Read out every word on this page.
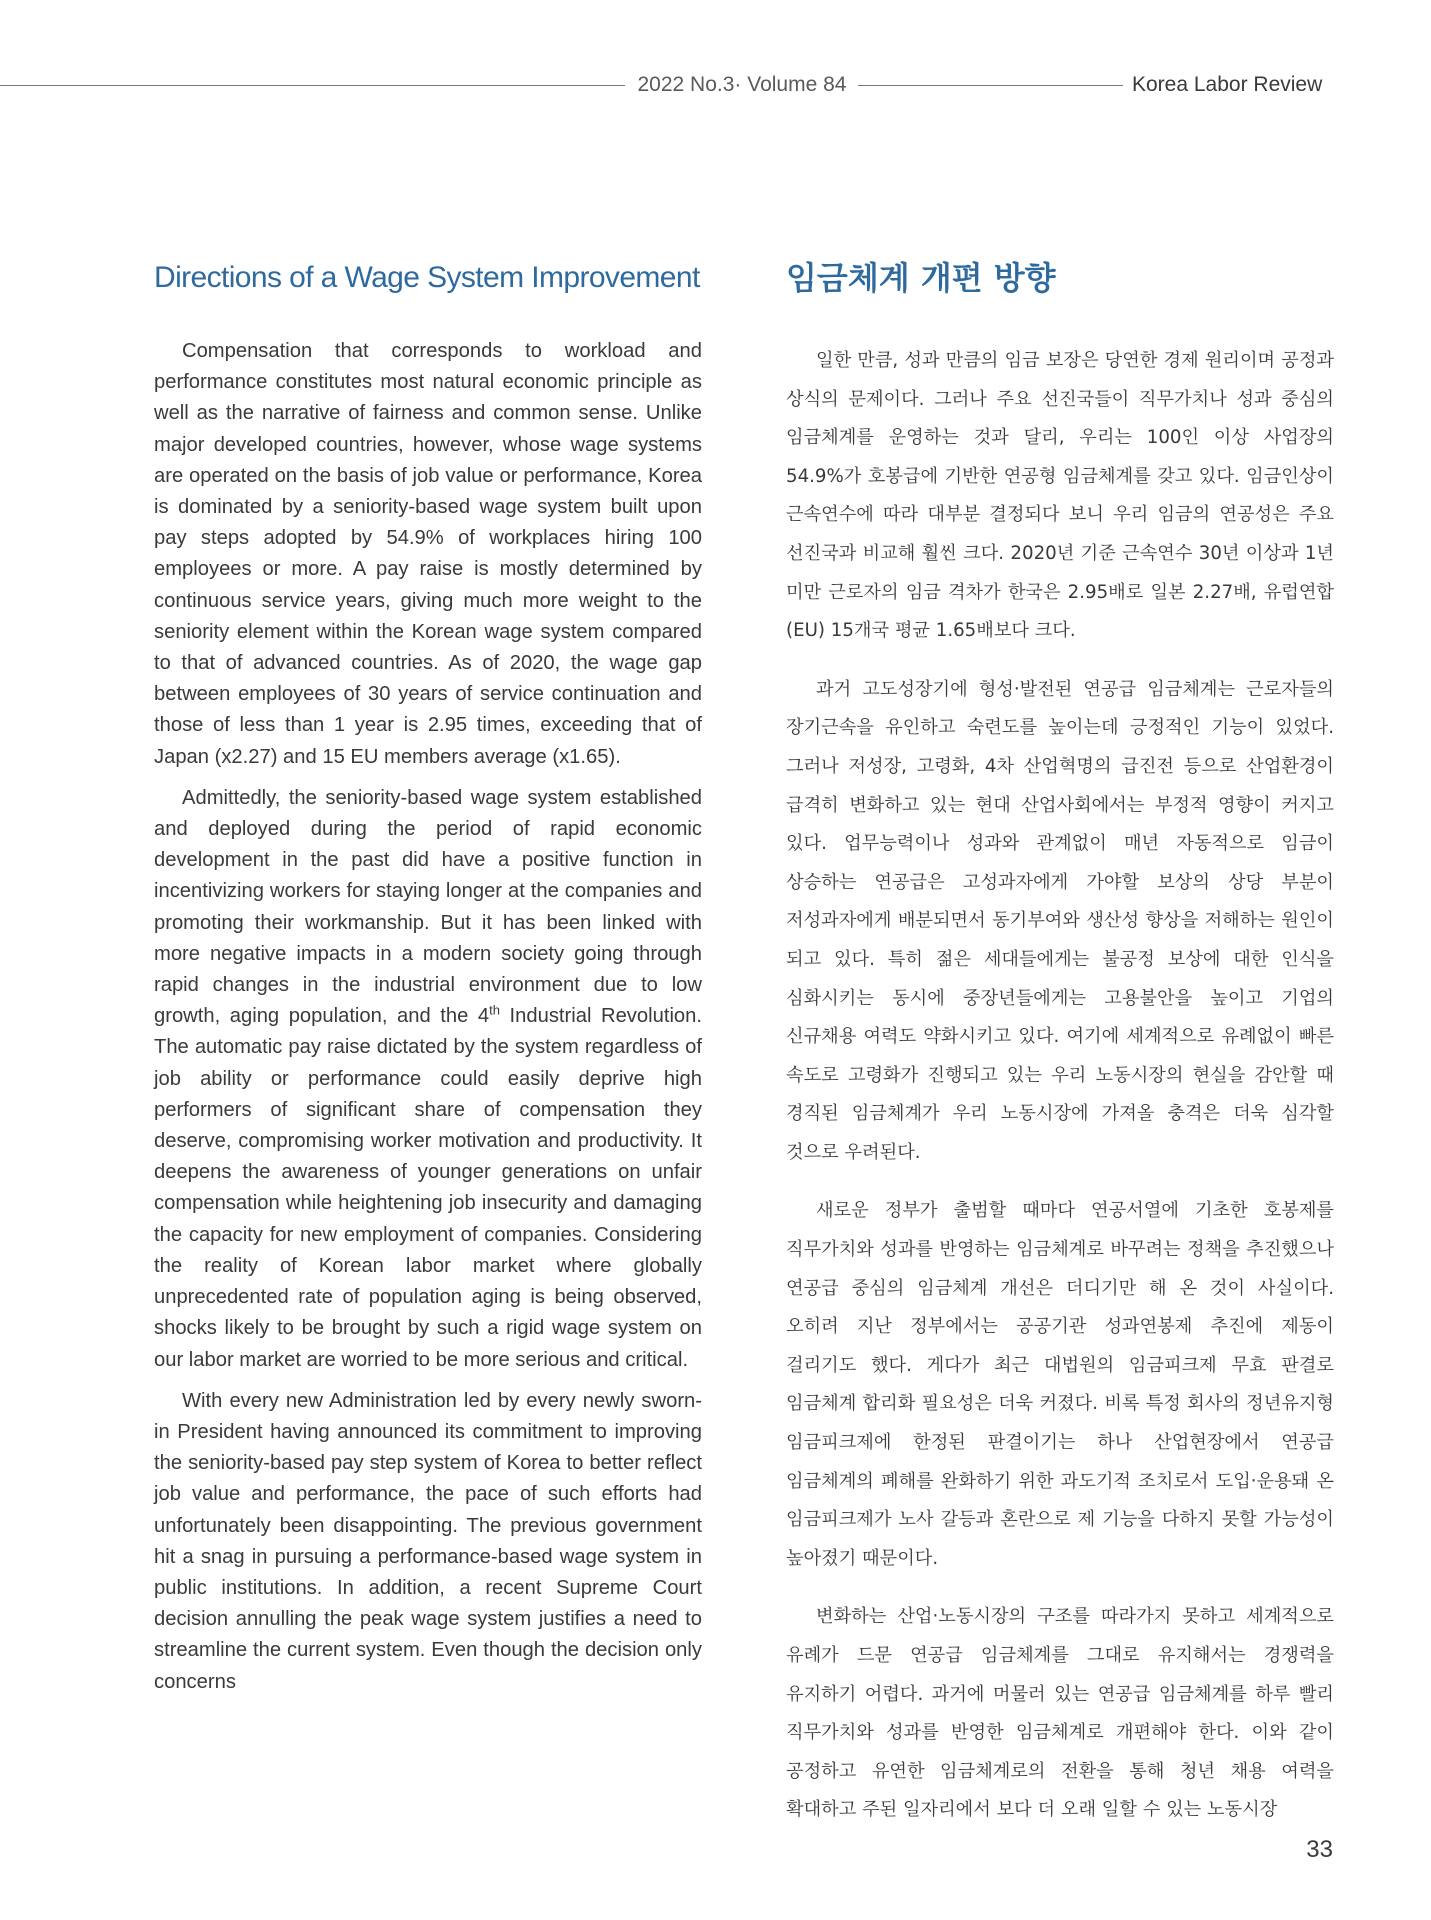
2022 No.3· Volume 84	Korea Labor Review
Directions of a Wage System Improvement

Compensation that corresponds to workload and performance constitutes most natural economic principle as well as the narrative of fairness and common sense. Unlike major developed countries, however, whose wage systems are operated on the basis of job value or performance, Korea is dominated by a seniority-based wage system built upon pay steps adopted by 54.9% of workplaces hiring 100 employees or more. A pay raise is mostly determined by continuous service years, giving much more weight to the seniority element within the Korean wage system compared to that of advanced countries. As of 2020, the wage gap between employees of 30 years of service continuation and those of less than 1 year is 2.95 times, exceeding that of Japan (x2.27) and 15 EU members average (x1.65).

Admittedly, the seniority-based wage system established and deployed during the period of rapid economic development in the past did have a positive function in incentivizing workers for staying longer at the companies and promoting their workmanship. But it has been linked with more negative impacts in a modern society going through rapid changes in the industrial environment due to low growth, aging population, and the 4th Industrial Revolution. The automatic pay raise dictated by the system regardless of job ability or performance could easily deprive high performers of significant share of compensation they deserve, compromising worker motivation and productivity. It deepens the awareness of younger generations on unfair compensation while heightening job insecurity and damaging the capacity for new employment of companies. Considering the reality of Korean labor market where globally unprecedented rate of population aging is being observed, shocks likely to be brought by such a rigid wage system on our labor market are worried to be more serious and critical.

With every new Administration led by every newly sworn-in President having announced its commitment to improving the seniority-based pay step system of Korea to better reflect job value and performance, the pace of such efforts had unfortunately been disappointing. The previous government hit a snag in pursuing a performance-based wage system in public institutions. In addition, a recent Supreme Court decision annulling the peak wage system justifies a need to streamline the current system. Even though the decision only concerns

임금체계 개편 방향

일한 만큼, 성과 만큼의 임금 보장은 당연한 경제 원리이며 공정과 상식의 문제이다. 그러나 주요 선진국들이 직무가치나 성과 중심의 임금체계를 운영하는 것과 달리, 우리는 100인 이상 사업장의 54.9%가 호봉급에 기반한 연공형 임금체계를 갖고 있다. 임금인상이 근속연수에 따라 대부분 결정되다 보니 우리 임금의 연공성은 주요 선진국과 비교해 훨씬 크다. 2020년 기준 근속연수 30년 이상과 1년 미만 근로자의 임금 격차가 한국은 2.95배로 일본 2.27배, 유럽연합(EU) 15개국 평균 1.65배보다 크다.

과거 고도성장기에 형성·발전된 연공급 임금체계는 근로자들의 장기근속을 유인하고 숙련도를 높이는데 긍정적인 기능이 있었다. 그러나 저성장, 고령화, 4차 산업혁명의 급진전 등으로 산업환경이 급격히 변화하고 있는 현대 산업사회에서는 부정적 영향이 커지고 있다. 업무능력이나 성과와 관계없이 매년 자동적으로 임금이 상승하는 연공급은 고성과자에게 가야할 보상의 상당 부분이 저성과자에게 배분되면서 동기부여와 생산성 향상을 저해하는 원인이 되고 있다. 특히 젊은 세대들에게는 불공정 보상에 대한 인식을 심화시키는 동시에 중장년들에게는 고용불안을 높이고 기업의 신규채용 여력도 약화시키고 있다. 여기에 세계적으로 유례없이 빠른 속도로 고령화가 진행되고 있는 우리 노동시장의 현실을 감안할 때 경직된 임금체계가 우리 노동시장에 가져올 충격은 더욱 심각할 것으로 우려된다.

새로운 정부가 출범할 때마다 연공서열에 기초한 호봉제를 직무가치와 성과를 반영하는 임금체계로 바꾸려는 정책을 추진했으나 연공급 중심의 임금체계 개선은 더디기만 해 온 것이 사실이다. 오히려 지난 정부에서는 공공기관 성과연봉제 추진에 제동이 걸리기도 했다. 게다가 최근 대법원의 임금피크제 무효 판결로 임금체계 합리화 필요성은 더욱 커졌다. 비록 특정 회사의 정년유지형 임금피크제에 한정된 판결이기는 하나 산업현장에서 연공급 임금체계의 폐해를 완화하기 위한 과도기적 조치로서 도입·운용돼 온 임금피크제가 노사 갈등과 혼란으로 제 기능을 다하지 못할 가능성이 높아졌기 때문이다.

변화하는 산업·노동시장의 구조를 따라가지 못하고 세계적으로 유례가 드문 연공급 임금체계를 그대로 유지해서는 경쟁력을 유지하기 어렵다. 과거에 머물러 있는 연공급 임금체계를 하루 빨리 직무가치와 성과를 반영한 임금체계로 개편해야 한다. 이와 같이 공정하고 유연한 임금체계로의 전환을 통해 청년 채용 여력을 확대하고 주된 일자리에서 보다 더 오래 일할 수 있는 노동시장

33
